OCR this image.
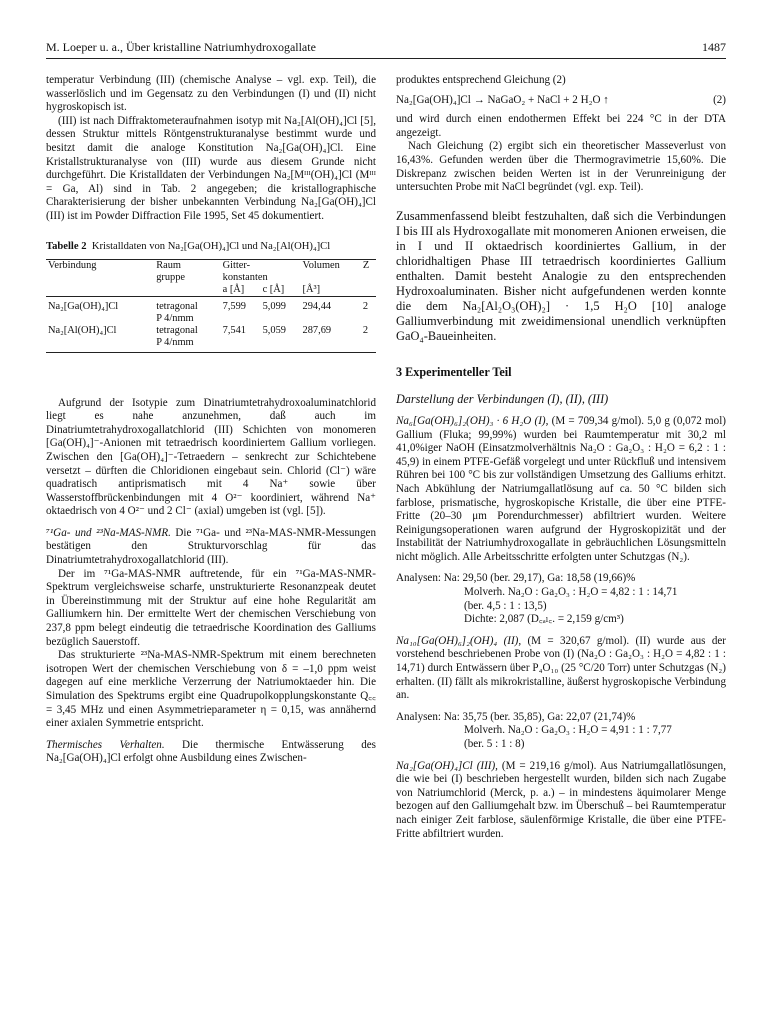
M. Loeper u. a., Über kristalline Natriumhydroxogallate	1487

temperatur Verbindung (III) (chemische Analyse – vgl. exp. Teil), die wasserlöslich und im Gegensatz zu den Verbindungen (I) und (II) nicht hygroskopisch ist.

(III) ist nach Diffraktometeraufnahmen isotyp mit Na₂[Al(OH)₄]Cl [5], dessen Struktur mittels Röntgenstrukturanalyse bestimmt wurde und besitzt damit die analoge Konstitution Na₂[Ga(OH)₄]Cl. Eine Kristallstrukturanalyse von (III) wurde aus diesem Grunde nicht durchgeführt. Die Kristalldaten der Verbindungen Na₂[Mᴵᴵᴵ(OH)₄]Cl (Mᴵᴵᴵ = Ga, Al) sind in Tab. 2 angegeben; die kristallographische Charakterisierung der bisher unbekannten Verbindung Na₂[Ga(OH)₄]Cl (III) ist im Powder Diffraction File 1995, Set 45 dokumentiert.

Tabelle 2 Kristalldaten von Na₂[Ga(OH)₄]Cl und Na₂[Al(OH)₄]Cl
Verbindung	Raum	Gitter-		Volumen	Z
	gruppe	konstanten			
		a [Å]	c [Å]	[Å³]	
Na₂[Ga(OH)₄]Cl	tetragonal	7,599	5,099	294,44	2
	P 4/nmm				
Na₂[Al(OH)₄]Cl	tetragonal	7,541	5,059	287,69	2
	P 4/nmm				

Aufgrund der Isotypie zum Dinatriumtetrahydroxoaluminatchlorid liegt es nahe anzunehmen, daß auch im Dinatriumtetrahydroxogallatchlorid (III) Schichten von monomeren [Ga(OH)₄]⁻-Anionen mit tetraedrisch koordiniertem Gallium vorliegen. Zwischen den [Ga(OH)₄]⁻-Tetraedern – senkrecht zur Schichtebene versetzt – dürften die Chloridionen eingebaut sein. Chlorid (Cl⁻) wäre quadratisch antiprismatisch mit 4 Na⁺ sowie über Wasserstoffbrückenbindungen mit 4 O²⁻ koordiniert, während Na⁺ oktaedrisch von 4 O²⁻ und 2 Cl⁻ (axial) umgeben ist (vgl. [5]).

⁷¹Ga- und ²³Na-MAS-NMR. Die ⁷¹Ga- und ²³Na-MAS-NMR-Messungen bestätigen den Strukturvorschlag für das Dinatriumtetrahydroxogallatchlorid (III).

Der im ⁷¹Ga-MAS-NMR auftretende, für ein ⁷¹Ga-MAS-NMR-Spektrum vergleichsweise scharfe, unstrukturierte Resonanzpeak deutet in Übereinstimmung mit der Struktur auf eine hohe Regularität am Galliumkern hin. Der ermittelte Wert der chemischen Verschiebung von 237,8 ppm belegt eindeutig die tetraedrische Koordination des Galliums bezüglich Sauerstoff.

Das strukturierte ²³Na-MAS-NMR-Spektrum mit einem berechneten isotropen Wert der chemischen Verschiebung von δ = –1,0 ppm weist dagegen auf eine merkliche Verzerrung der Natriumoktaeder hin. Die Simulation des Spektrums ergibt eine Quadrupolkopplungskonstante Q꜀꜀ = 3,45 MHz und einen Asymmetrieparameter η = 0,15, was annähernd einer axialen Symmetrie entspricht.

Thermisches Verhalten. Die thermische Entwässerung des Na₂[Ga(OH)₄]Cl erfolgt ohne Ausbildung eines Zwischen-

produktes entsprechend Gleichung (2)

Na₂[Ga(OH)₄]Cl → NaGaO₂ + NaCl + 2 H₂O ↑	(2)

und wird durch einen endothermen Effekt bei 224 °C in der DTA angezeigt.

Nach Gleichung (2) ergibt sich ein theoretischer Masseverlust von 16,43%. Gefunden werden über die Thermogravimetrie 15,60%. Die Diskrepanz zwischen beiden Werten ist in der Verunreinigung der untersuchten Probe mit NaCl begründet (vgl. exp. Teil).

Zusammenfassend bleibt festzuhalten, daß sich die Verbindungen I bis III als Hydroxogallate mit monomeren Anionen erweisen, die in I und II oktaedrisch koordiniertes Gallium, in der chloridhaltigen Phase III tetraedrisch koordiniertes Gallium enthalten. Damit besteht Analogie zu den entsprechenden Hydroxoaluminaten. Bisher nicht aufgefundenen werden konnte die dem Na₂[Al₂O₃(OH)₂] · 1,5 H₂O [10] analoge Galliumverbindung mit zweidimensional unendlich verknüpften GaO₄-Baueinheiten.

3 Experimenteller Teil
Darstellung der Verbindungen (I), (II), (III)

Na₆[Ga(OH)₆]₂(OH)₃ · 6 H₂O (I), (M = 709,34 g/mol). 5,0 g (0,072 mol) Gallium (Fluka; 99,99%) wurden bei Raumtemperatur mit 30,2 ml 41,0%iger NaOH (Einsatzmolverhältnis Na₂O : Ga₂O₃ : H₂O = 6,2 : 1 : 45,9) in einem PTFE-Gefäß vorgelegt und unter Rückfluß und intensivem Rühren bei 100 °C bis zur vollständigen Umsetzung des Galliums erhitzt. Nach Abkühlung der Natriumgallatlösung auf ca. 50 °C bilden sich farblose, prismatische, hygroskopische Kristalle, die über eine PTFE-Fritte (20–30 μm Porendurchmesser) abfiltriert wurden. Weitere Reinigungsoperationen waren aufgrund der Hygroskopizität und der Instabilität der Natriumhydroxogallate in gebräuchlichen Lösungsmitteln nicht möglich. Alle Arbeitsschritte erfolgten unter Schutzgas (N₂).

Analysen: Na: 29,50 (ber. 29,17), Ga: 18,58 (19,66)%
Molverh. Na₂O : Ga₂O₃ : H₂O = 4,82 : 1 : 14,71
(ber. 4,5 : 1 : 13,5)
Dichte: 2,087 (D꜀ₐₗ꜀. = 2,159 g/cm³)

Na₁₀[Ga(OH)₆]₂(OH)₄ (II), (M = 320,67 g/mol). (II) wurde aus der vorstehend beschriebenen Probe von (I) (Na₂O : Ga₂O₃ : H₂O = 4,82 : 1 : 14,71) durch Entwässern über P₄O₁₀ (25 °C/20 Torr) unter Schutzgas (N₂) erhalten. (II) fällt als mikrokristalline, äußerst hygroskopische Verbindung an.

Analysen: Na: 35,75 (ber. 35,85), Ga: 22,07 (21,74)%
Molverh. Na₂O : Ga₂O₃ : H₂O = 4,91 : 1 : 7,77
(ber. 5 : 1 : 8)

Na₂[Ga(OH)₄]Cl (III), (M = 219,16 g/mol). Aus Natriumgallatlösungen, die wie bei (I) beschrieben hergestellt wurden, bilden sich nach Zugabe von Natriumchlorid (Merck, p. a.) – in mindestens äquimolarer Menge bezogen auf den Galliumgehalt bzw. im Überschuß – bei Raumtemperatur nach einiger Zeit farblose, säulenförmige Kristalle, die über eine PTFE-Fritte abfiltriert wurden.
